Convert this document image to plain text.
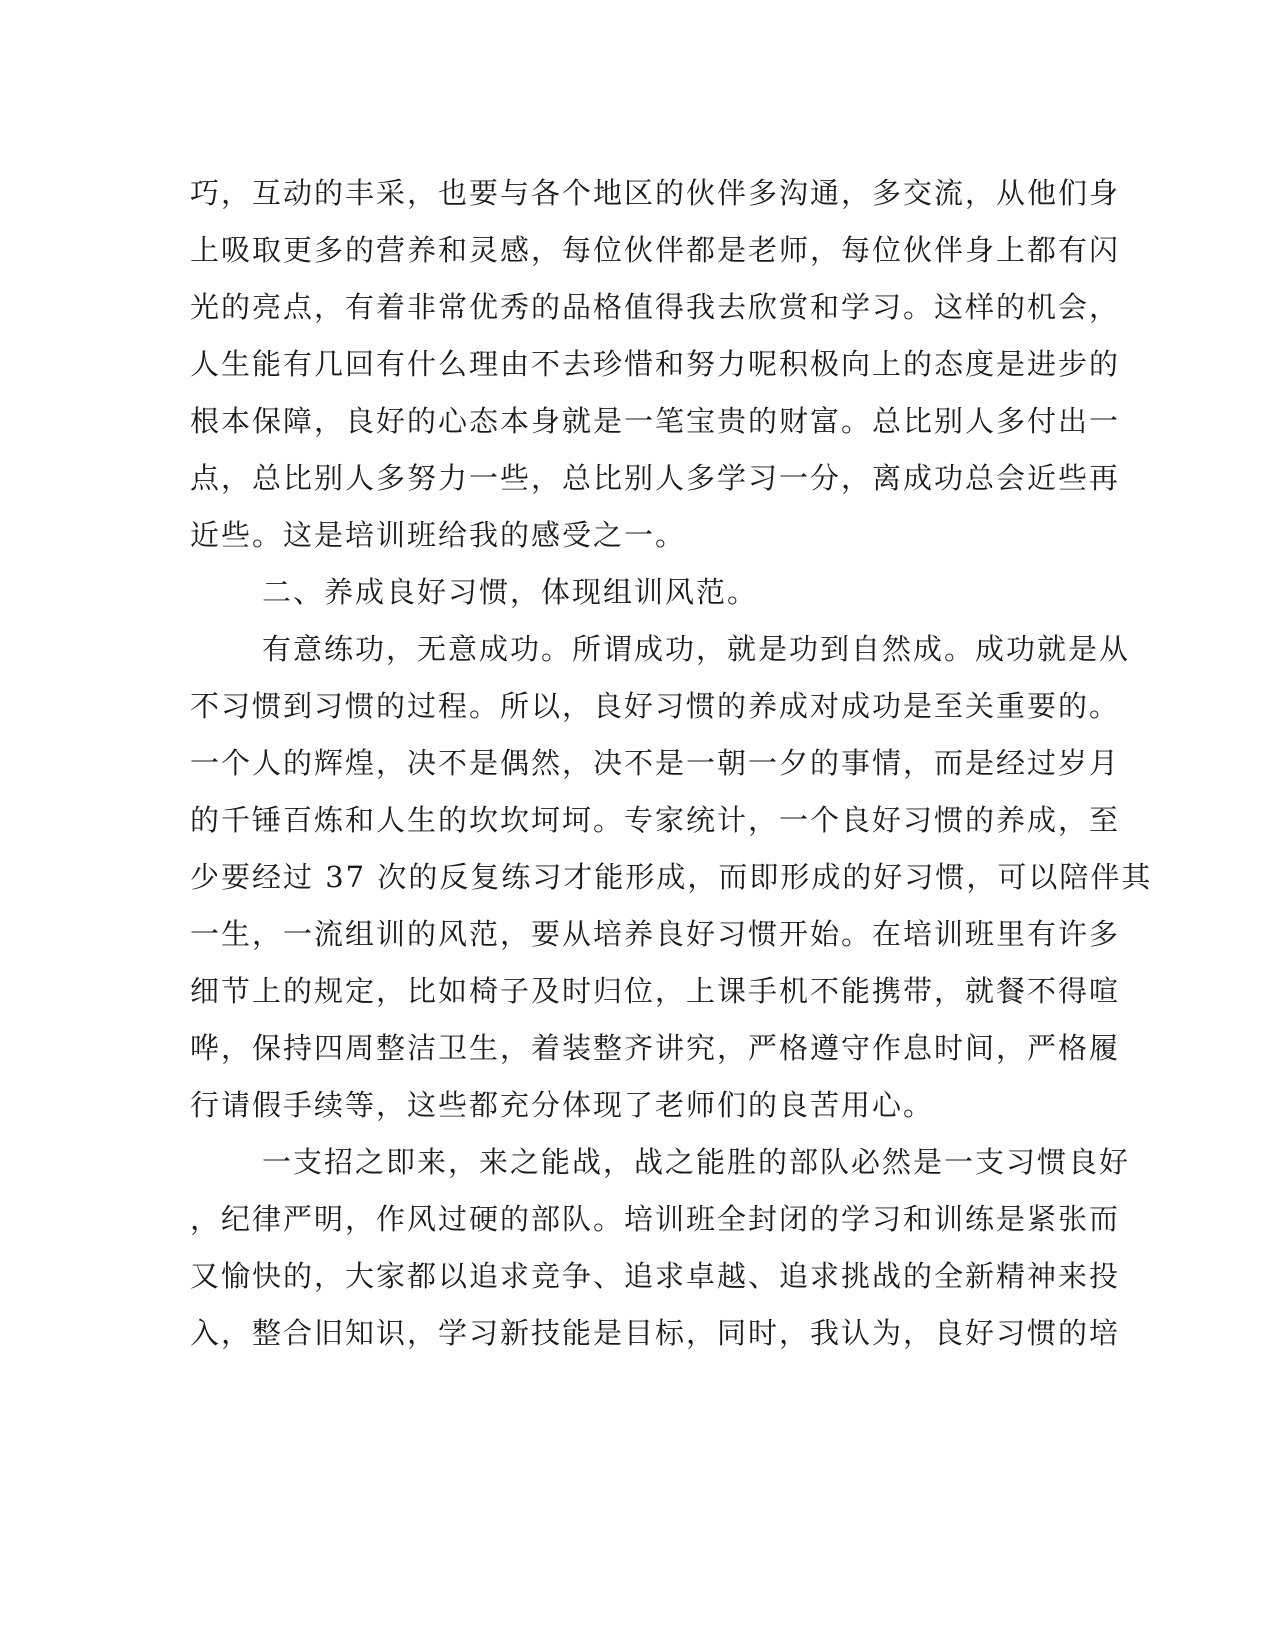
巧，互动的丰采，也要与各个地区的伙伴多沟通，多交流，从他们身
上吸取更多的营养和灵感，每位伙伴都是老师，每位伙伴身上都有闪
光的亮点，有着非常优秀的品格值得我去欣赏和学习。这样的机会，
人生能有几回有什么理由不去珍惜和努力呢积极向上的态度是进步的
根本保障，良好的心态本身就是一笔宝贵的财富。总比别人多付出一
点，总比别人多努力一些，总比别人多学习一分，离成功总会近些再
近些。这是培训班给我的感受之一。
二、养成良好习惯，体现组训风范。
有意练功，无意成功。所谓成功，就是功到自然成。成功就是从
不习惯到习惯的过程。所以，良好习惯的养成对成功是至关重要的。
一个人的辉煌，决不是偶然，决不是一朝一夕的事情，而是经过岁月
的千锤百炼和人生的坎坎坷坷。专家统计，一个良好习惯的养成，至
少要经过 37 次的反复练习才能形成，而即形成的好习惯，可以陪伴其
一生，一流组训的风范，要从培养良好习惯开始。在培训班里有许多
细节上的规定，比如椅子及时归位，上课手机不能携带，就餐不得喧
哗，保持四周整洁卫生，着装整齐讲究，严格遵守作息时间，严格履
行请假手续等，这些都充分体现了老师们的良苦用心。
一支招之即来，来之能战，战之能胜的部队必然是一支习惯良好
，纪律严明，作风过硬的部队。培训班全封闭的学习和训练是紧张而
又愉快的，大家都以追求竞争、追求卓越、追求挑战的全新精神来投
入，整合旧知识，学习新技能是目标，同时，我认为，良好习惯的培
